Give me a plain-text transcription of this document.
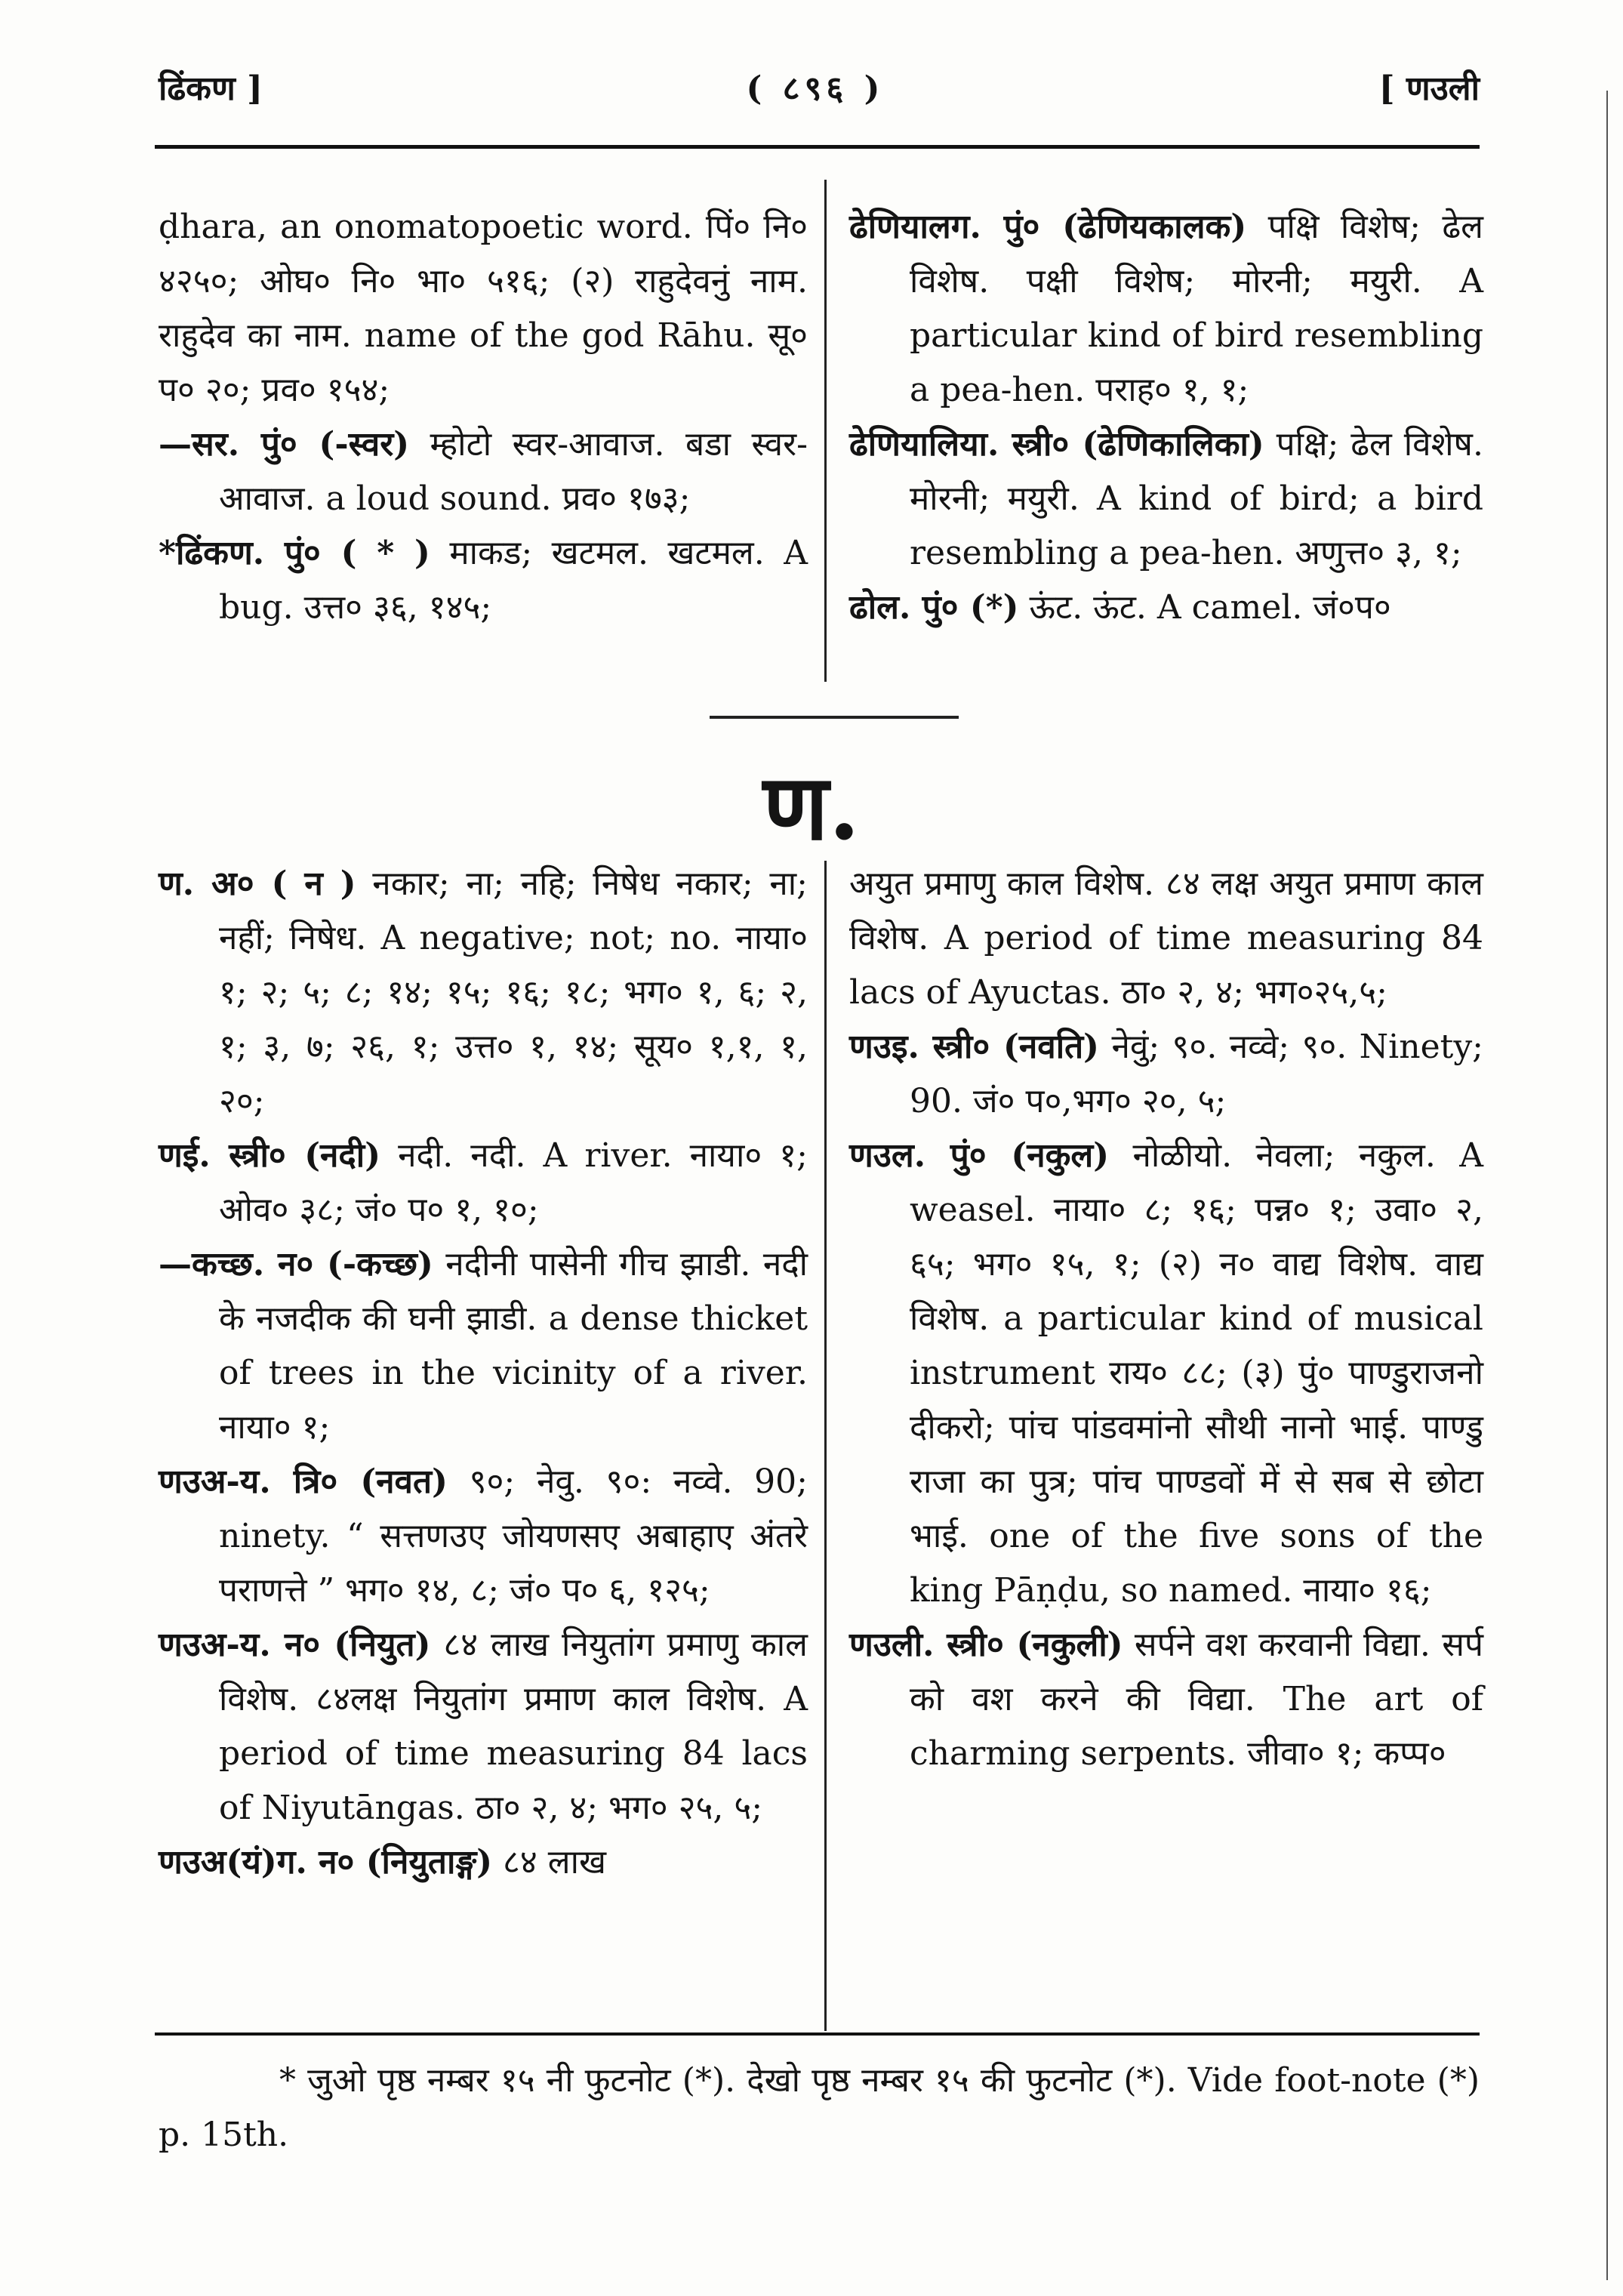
ढिंकण ]	( ८९६ )	[ णउली

ḍhara, an onomatopoetic word. पिं० नि० ४२५०; ओघ० नि० भा० ५१६; (२) राहुदेवनुं नाम. राहुदेव का नाम. name of the god Rāhu. सू० प० २०; प्रव० १५४;

—सर. पुं० (-स्वर) म्होटो स्वर-आवाज. बडा स्वर-आवाज. a loud sound. प्रव० १७३;

*ढिंकण. पुं० ( * ) माकड; खटमल. खटमल. A bug. उत्त० ३६, १४५;

ढेणियालग. पुं० (ढेणियकालक) पक्षि विशेष; ढेल विशेष. पक्षी विशेष; मोरनी; मयुरी. A particular kind of bird resembling a pea-hen. पराह० १, १;

ढेणियालिया. स्त्री० (ढेणिकालिका) पक्षि; ढेल विशेष. मोरनी; मयुरी. A kind of bird; a bird resembling a pea-hen. अणुत्त० ३, १;

ढोल. पुं० (*) ऊंट. ऊंट. A camel. जं०प०

ण.

ण. अ० ( न ) नकार; ना; नहि; निषेध नकार; ना; नहीं; निषेध. A negative; not; no. नाया० १; २; ५; ८; १४; १५; १६; १८; भग० १, ६; २, १; ३, ७; २६, १; उत्त० १, १४; सूय० १,१, १, २०;

णई. स्त्री० (नदी) नदी. नदी. A river. नाया० १; ओव० ३८; जं० प० १, १०;

—कच्छ. न० (-कच्छ) नदीनी पासेनी गीच झाडी. नदी के नजदीक की घनी झाडी. a dense thicket of trees in the vicinity of a river. नाया० १;

णउअ-य. त्रि० (नवत) ९०; नेवु. ९०: नव्वे. 90; ninety. “ सत्तणउए जोयणसए अबाहाए अंतरे पराणत्ते ” भग० १४, ८; जं० प० ६, १२५;

णउअ-य. न० (नियुत) ८४ लाख नियुतांग प्रमाणु काल विशेष. ८४लक्ष नियुतांग प्रमाण काल विशेष. A period of time measuring 84 lacs of Niyutāngas. ठा० २, ४; भग० २५, ५;

णउअ(यं)ग. न० (नियुताङ्ग) ८४ लाख

अयुत प्रमाणु काल विशेष. ८४ लक्ष अयुत प्रमाण काल विशेष. A period of time measuring 84 lacs of Ayuctas. ठा० २, ४; भग०२५,५;

णउइ. स्त्री० (नवति) नेवुं; ९०. नव्वे; ९०. Ninety; 90. जं० प०,भग० २०, ५;

णउल. पुं० (नकुल) नोळीयो. नेवला; नकुल. A weasel. नाया० ८; १६; पन्न० १; उवा० २, ६५; भग० १५, १; (२) न० वाद्य विशेष. वाद्य विशेष. a particular kind of musical instrument राय० ८८; (३) पुं० पाण्डुराजनो दीकरो; पांच पांडवमांनो सौथी नानो भाई. पाण्डु राजा का पुत्र; पांच पाण्डवों में से सब से छोटा भाई. one of the five sons of the king Pāṇḍu, so named. नाया० १६;

णउली. स्त्री० (नकुली) सर्पने वश करवानी विद्या. सर्प को वश करने की विद्या. The art of charming serpents. जीवा० १; कप्प०

* जुओ पृष्ठ नम्बर १५ नी फुटनोट (*). देखो पृष्ठ नम्बर १५ की फुटनोट (*). Vide foot-note (*) p. 15th.
